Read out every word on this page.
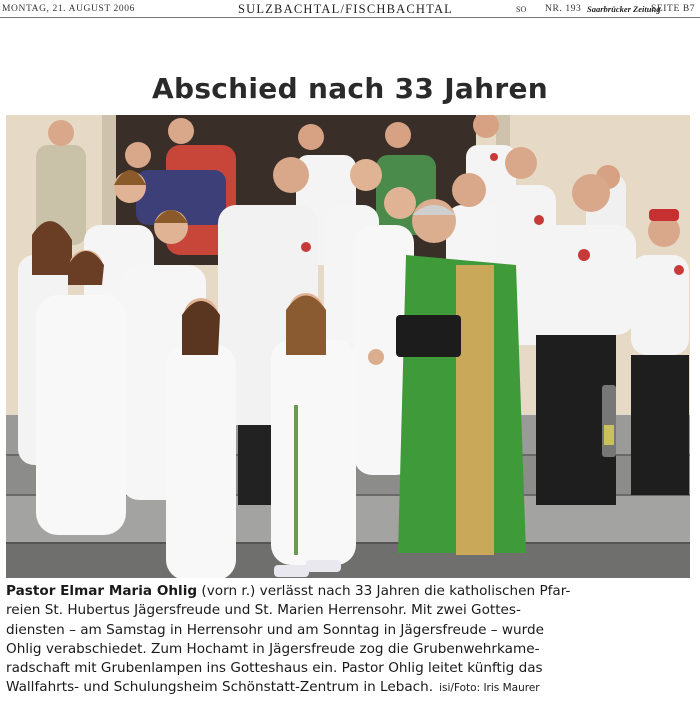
MONTAG, 21. AUGUST 2006	SULZBACHTAL/FISCHBACHTAL	SO NR. 193 Saarbrücker Zeitung
SEITE B7
Abschied nach 33 Jahren
Pastor Elmar Maria Ohlig (vorn r.) verlässt nach 33 Jahren die katholischen Pfar-
reien St. Hubertus Jägersfreude und St. Marien Herrensohr. Mit zwei Gottes-
diensten – am Samstag in Herrensohr und am Sonntag in Jägersfreude – wurde
Ohlig verabschiedet. Zum Hochamt in Jägersfreude zog die Grubenwehrkame-
radschaft mit Grubenlampen ins Gotteshaus ein. Pastor Ohlig leitet künftig das
Wallfahrts- und Schulungsheim Schönstatt-Zentrum in Lebach. isi/Foto: Iris Maurer
